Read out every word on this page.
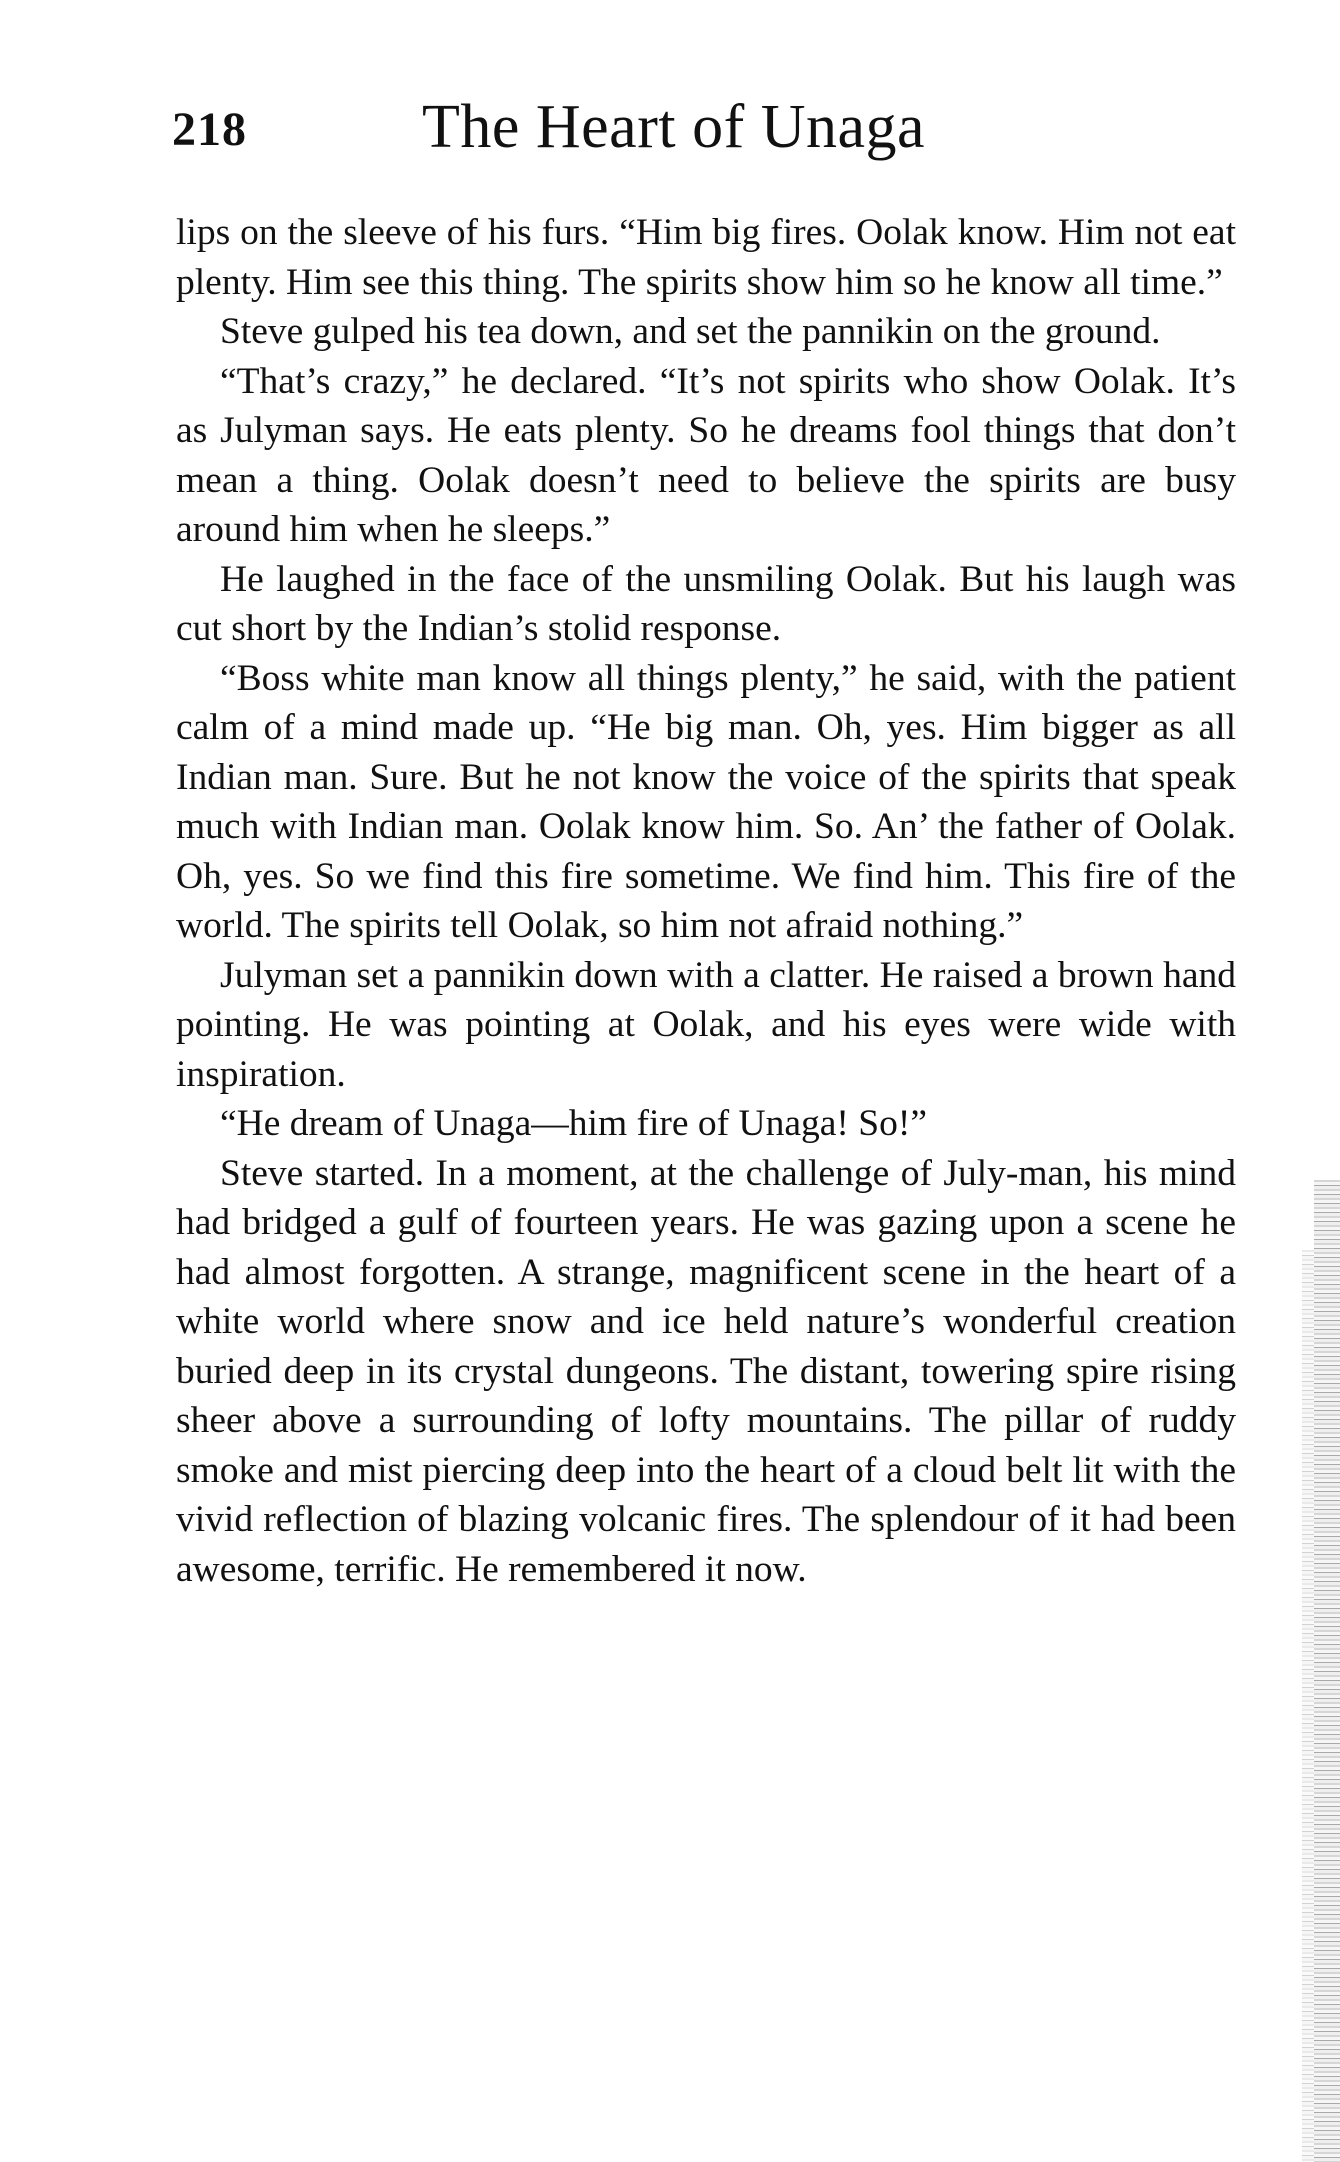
218	The Heart of Unaga

lips on the sleeve of his furs. “Him big fires. Oolak know. Him not eat plenty. Him see this thing. The spirits show him so he know all time.”

Steve gulped his tea down, and set the pannikin on the ground.

“That’s crazy,” he declared. “It’s not spirits who show Oolak. It’s as Julyman says. He eats plenty. So he dreams fool things that don’t mean a thing. Oolak doesn’t need to believe the spirits are busy around him when he sleeps.”

He laughed in the face of the unsmiling Oolak. But his laugh was cut short by the Indian’s stolid response.

“Boss white man know all things plenty,” he said, with the patient calm of a mind made up. “He big man. Oh, yes. Him bigger as all Indian man. Sure. But he not know the voice of the spirits that speak much with Indian man. Oolak know him. So. An’ the father of Oolak. Oh, yes. So we find this fire sometime. We find him. This fire of the world. The spirits tell Oolak, so him not afraid nothing.”

Julyman set a pannikin down with a clatter. He raised a brown hand pointing. He was pointing at Oolak, and his eyes were wide with inspiration.

“He dream of Unaga—him fire of Unaga! So!”

Steve started. In a moment, at the challenge of July-man, his mind had bridged a gulf of fourteen years. He was gazing upon a scene he had almost forgotten. A strange, magnificent scene in the heart of a white world where snow and ice held nature’s wonderful creation buried deep in its crystal dungeons. The distant, towering spire rising sheer above a surrounding of lofty mountains. The pillar of ruddy smoke and mist piercing deep into the heart of a cloud belt lit with the vivid reflection of blazing volcanic fires. The splendour of it had been awesome, terrific. He remembered it now.
